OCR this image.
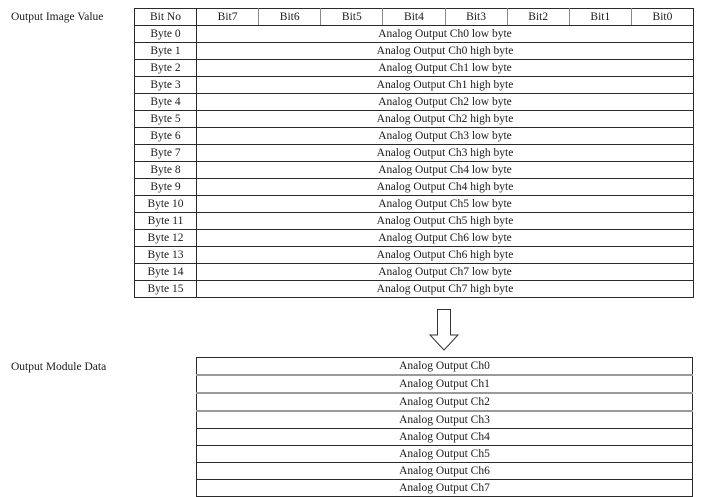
Output Image Value	Bit No	Bit7	Bit6	Bit5	Bit4	Bit3	Bit2	Bit1	Bit0
Byte 0	Analog Output Ch0 low byte							
Byte 1	Analog Output Ch0 high byte							
Byte 2	Analog Output Ch1 low byte							
Byte 3	Analog Output Ch1 high byte							
Byte 4	Analog Output Ch2 low byte							
Byte 5	Analog Output Ch2 high byte							
Byte 6	Analog Output Ch3 low byte							
Byte 7	Analog Output Ch3 high byte							
Byte 8	Analog Output Ch4 low byte							
Byte 9	Analog Output Ch4 high byte							
Byte 10	Analog Output Ch5 low byte							
Byte 11	Analog Output Ch5 high byte							
Byte 12	Analog Output Ch6 low byte							
Byte 13	Analog Output Ch6 high byte							
Byte 14	Analog Output Ch7 low byte							
Byte 15	Analog Output Ch7 high byte							
Output Module Data	Analog Output Ch0
Analog Output Ch1
Analog Output Ch2
Analog Output Ch3
Analog Output Ch4
Analog Output Ch5
Analog Output Ch6
Analog Output Ch7
